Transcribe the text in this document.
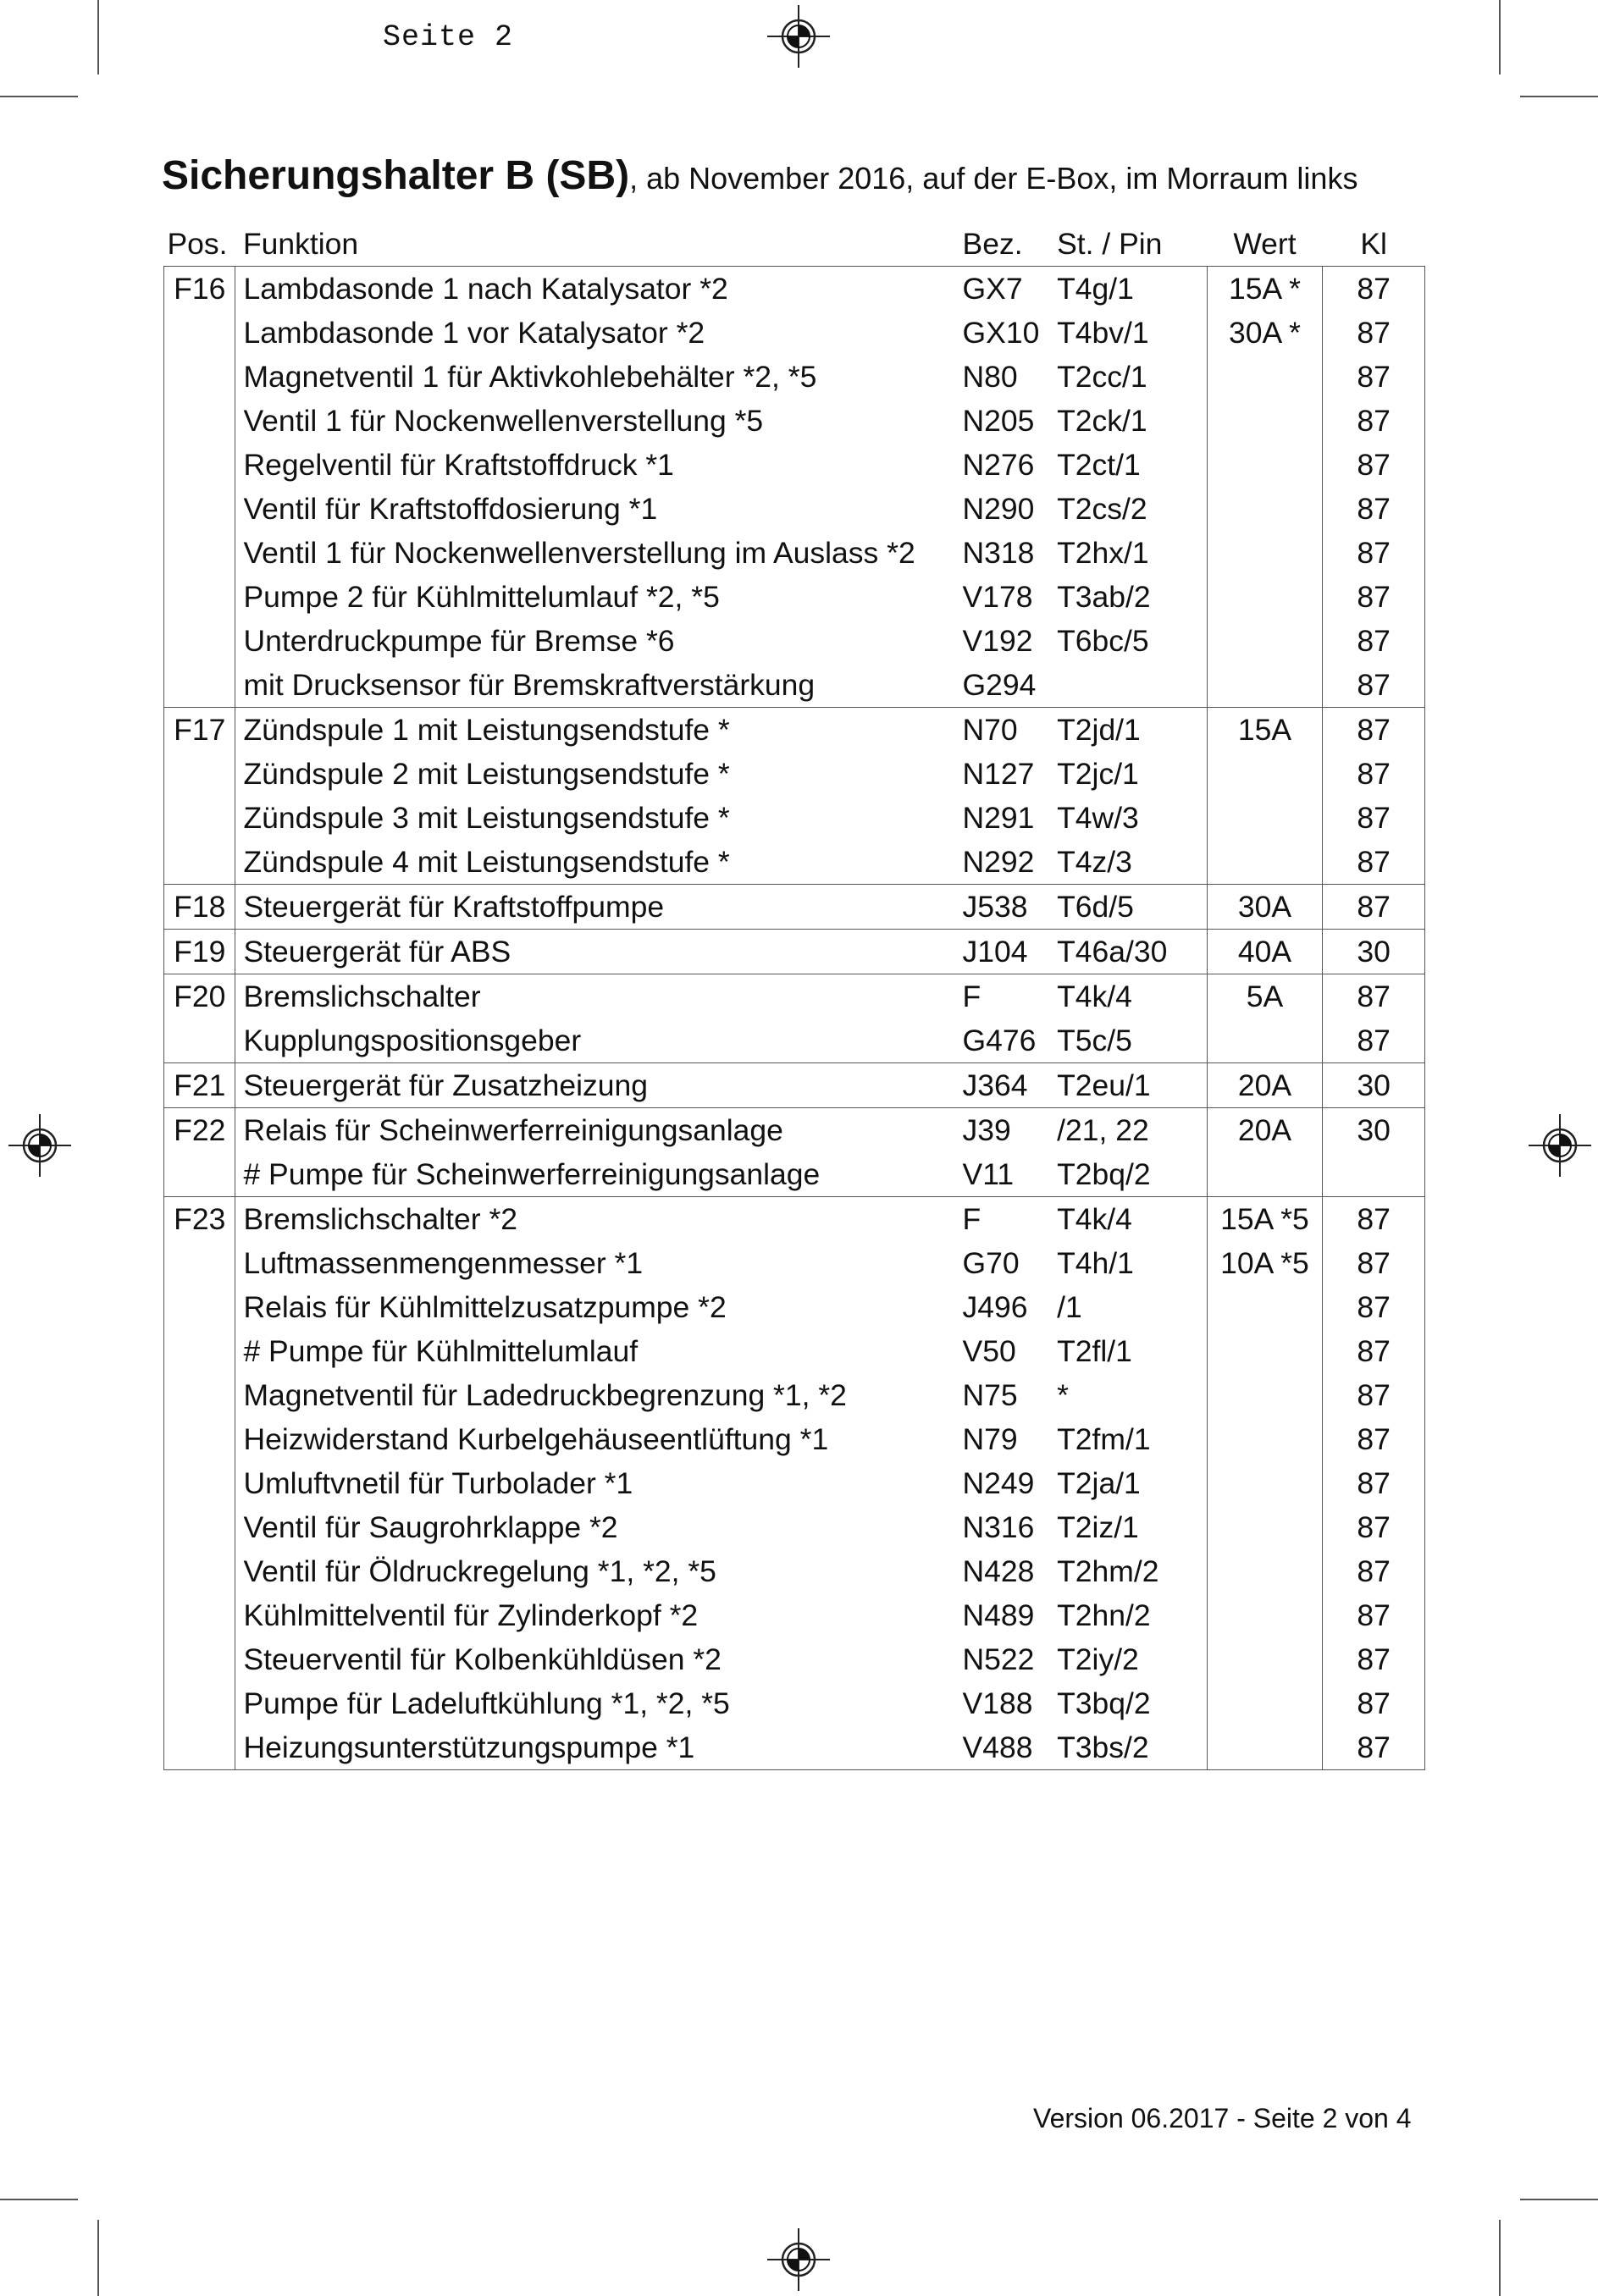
Seite 2
Sicherungshalter B (SB), ab November 2016, auf der E-Box, im Morraum links
Pos.	Funktion	Bez.	St. / Pin	Wert	Kl
F16	Lambdasonde 1 nach Katalysator *2	GX7	T4g/1	15A *	87
	Lambdasonde 1 vor Katalysator *2	GX10	T4bv/1	30A *	87
	Magnetventil 1 für Aktivkohlebehälter *2, *5	N80	T2cc/1		87
	Ventil 1 für Nockenwellenverstellung *5	N205	T2ck/1		87
	Regelventil für Kraftstoffdruck *1	N276	T2ct/1		87
	Ventil für Kraftstoffdosierung *1	N290	T2cs/2		87
	Ventil 1 für Nockenwellenverstellung im Auslass *2	N318	T2hx/1		87
	Pumpe 2 für Kühlmittelumlauf *2, *5	V178	T3ab/2		87
	Unterdruckpumpe für Bremse *6	V192	T6bc/5		87
	mit Drucksensor für Bremskraftverstärkung	G294			87
F17	Zündspule 1 mit Leistungsendstufe *	N70	T2jd/1	15A	87
	Zündspule 2 mit Leistungsendstufe *	N127	T2jc/1		87
	Zündspule 3 mit Leistungsendstufe *	N291	T4w/3		87
	Zündspule 4 mit Leistungsendstufe *	N292	T4z/3		87
F18	Steuergerät für Kraftstoffpumpe	J538	T6d/5	30A	87
F19	Steuergerät für ABS	J104	T46a/30	40A	30
F20	Bremslichschalter	F	T4k/4	5A	87
	Kupplungspositionsgeber	G476	T5c/5		87
F21	Steuergerät für Zusatzheizung	J364	T2eu/1	20A	30
F22	Relais für Scheinwerferreinigungsanlage	J39	/21, 22	20A	30
	# Pumpe für Scheinwerferreinigungsanlage	V11	T2bq/2		
F23	Bremslichschalter *2	F	T4k/4	15A *5	87
	Luftmassenmengenmesser *1	G70	T4h/1	10A *5	87
	Relais für Kühlmittelzusatzpumpe *2	J496	/1		87
	# Pumpe für Kühlmittelumlauf	V50	T2fl/1		87
	Magnetventil für Ladedruckbegrenzung *1, *2	N75	*		87
	Heizwiderstand Kurbelgehäuseentlüftung *1	N79	T2fm/1		87
	Umluftvnetil für Turbolader *1	N249	T2ja/1		87
	Ventil für Saugrohrklappe *2	N316	T2iz/1		87
	Ventil für Öldruckregelung *1, *2, *5	N428	T2hm/2		87
	Kühlmittelventil für Zylinderkopf *2	N489	T2hn/2		87
	Steuerventil für Kolbenkühldüsen *2	N522	T2iy/2		87
	Pumpe für Ladeluftkühlung *1, *2, *5	V188	T3bq/2		87
	Heizungsunterstützungspumpe *1	V488	T3bs/2		87
Version 06.2017 - Seite 2 von 4
